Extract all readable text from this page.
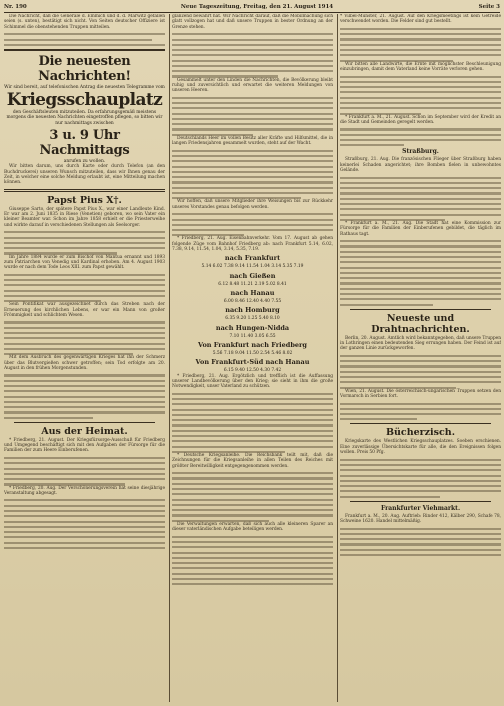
Nr. 190	Neue Tageszeitung, Freitag, den 21. August 1914	Seite 3

Die Nachricht, daß die Generale d. Emmich und d. d. Marwitz gefallen seien (s. unten), bestätigt sich nicht. Von Seiten deutscher Offiziere ist Schimmel die obenstehenden Truppen mitteilen.

Die neuesten Nachrichten!

Wir sind bereit, auf telefonischen Antrag die neuesten Telegramme vom

Kriegsschauplatz

den Geschäftsleuten mitzuteilen. Da erfahrungsgemäß meistens morgens die neuesten Nachrichten eingetroffen pflegen, so bitten wir nur nachmittags zwischen

3 u. 9 Uhr Nachmittags

anrufen zu wollen.

Wir bitten darum, uns durch Karte oder durch Telefon (an den Buchdruckerei) unseren Wunsch mitzuteilen, dass wir Ihnen genau der Zeit, in welcher eine solche Meldung erlaubt ist, eine Mitteilung machen können.

Papst Pius X†.

Giuseppe Sarto, der spätere Papst Pius X., war einer Landleute Kind. Er war am 2. Juni 1835 in Riese (Venetien) geboren, wo sein Vater ein kleiner Beamter war. Schon im Jahre 1858 erhielt er die Priesterweihe und wirkte darauf in verschiedenen Stellungen als Seelsorger.

Im Jahre 1884 wurde er zum Bischof von Mantua ernannt und 1893 zum Patriarchen von Venedig und Kardinal erhoben. Am 4. August 1903 wurde er nach dem Tode Leos XIII. zum Papst gewählt.

Sein Pontifikat war ausgezeichnet durch das Streben nach der Erneuerung des kirchlichen Lebens, er war ein Mann von großer Frömmigkeit und schlichtem Wesen.

Mit dem Ausbruch des gegenwärtigen Krieges hat ihn der Schmerz über das Blutvergießen schwer getroffen; sein Tod erfolgte am 20. August in den frühen Morgenstunden.

Aus der Heimat.

* Friedberg, 21. August. Der Kriegsfürsorge-Ausschuß für Friedberg und Umgegend beschäftigt sich mit den Aufgaben der Fürsorge für die Familien der zum Heere Einberufenen.

* Friedberg, 20. Aug. Der Verschönerungsverein hat seine diesjährige Veranstaltung abgesagt.

glänzend bewährt hat. Wir Nachricht darauf, daß die Mobilmachung sich glatt vollzogen hat und daß unsere Truppen in bester Ordnung an der Grenze stehen.

Gesammelt unter den Linden die Nachrichten, die Bevölkerung bleibt ruhig und zuversichtlich und erwartet die weiteren Meldungen von unseren Heeren.

Deutschlands Heer im vollen Besitz aller Kräfte und Hilfsmittel, die in langen Friedensjahren gesammelt wurden, steht auf der Wacht.

Wir hoffen, daß unsere Mitglieder ihre Weisungen bis zur Rückkehr unseres Vorstandes genau befolgen werden.

* Friedberg, 21. Aug. Eisenbahnverkehr. Vom 17. August ab gehen folgende Züge vom Bahnhof Friedberg ab: nach Frankfurt 5.14, 6.02, 7.38, 9.14, 11.54, 1.04, 3.14, 5.35, 7.19.

nach Frankfurt

5.14 6.02 7.38 9.14 11.54 1.04 3.14 5.35 7.19

nach Gießen

6.12 8.48 11.21 2.19 5.02 8.41

nach Hanau

6.00 8.46 12.40 4.40 7.55

nach Homburg

6.35 9.20 1.25 5.40 8.10

nach Hungen-Nidda

7.10 11.40 3.05 6.55

Von Frankfurt nach Friedberg

5.56 7.18 9.04 11.50 2.54 5.46 8.02

Von Frankfurt-Süd nach Hanau

6.15 9.40 12.50 4.30 7.42

* Friedberg, 21. Aug. Ergötzlich und trefflich ist die Auffassung unserer Landbevölkerung über den Krieg; sie sieht in ihm die große Notwendigkeit, unser Vaterland zu schützen.

* Deutsche Kriegsanleihe. Die Reichsbank teilt mit, daß die Zeichnungen für die Kriegsanleihe in allen Teilen des Reiches mit größter Bereitwilligkeit entgegengenommen werden.

Die Verwaltungen erwarten, daß sich auch alle kleineren Sparer an dieser vaterländischen Aufgabe beteiligen werden.

* Vilbel-Münster, 21. August. Auf den Kriegsmeetings ist kein Getreide verschwendet worden. Die Felder sind gut bestellt.

Wir bitten alle Landwirte, die Ernte mit möglichster Beschleunigung einzubringen, damit dem Vaterland keine Vorräte verloren gehen.

* Frankfurt a. M., 21. August. Schon im September wird der Kredit an die Stadt und Gemeinden geregelt werden.

Straßburg.

Straßburg, 21. Aug. Die französischen Flieger über Straßburg haben keinerlei Schaden angerichtet; ihre Bomben fielen in unbewohntes Gelände.

* Frankfurt a. M., 21. Aug. Die Stadt hat eine Kommission zur Fürsorge für die Familien der Einberufenen gebildet, die täglich im Rathaus tagt.

Neueste und Drahtnachrichten.

Berlin, 20. August. Amtlich wird bekanntgegeben, daß unsere Truppen in Lothringen einen bedeutenden Sieg errungen haben. Der Feind ist auf der ganzen Linie zurückgeworfen.

Wien, 21. August. Die österreichisch-ungarischen Truppen setzen den Vormarsch in Serbien fort.

Bücherzisch.

Kriegskarte des Westlichen Kriegsschauplatzes. Soeben erschienen. Eine zuverlässige Übersichtskarte für alle, die den Ereignissen folgen wollen. Preis 50 Pfg.

Frankfurter Viehmarkt.

Frankfurt a. M., 20. Aug. Auftrieb: Rinder 412, Kälber 290, Schafe 78, Schweine 1620. Handel mittelmäßig.
